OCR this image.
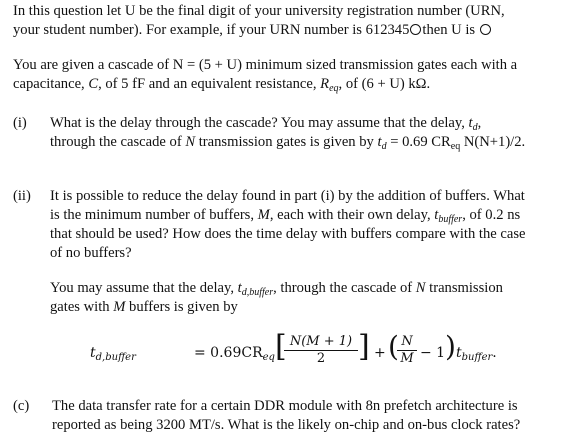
In this question let U be the final digit of your university registration number (URN,
your student number). For example, if your URN number is 612345 then U is
You are given a cascade of N = (5 + U) minimum sized transmission gates each with a
capacitance, C, of 5 fF and an equivalent resistance, $R_{eq}$, of (6 + U) kΩ.
(i) What is the delay through the cascade? You may assume that the delay, $t_d$,
through the cascade of N transmission gates is given by $t_d = 0.69$ $CR_{eq}$ N(N+1)/2.
(ii) It is possible to reduce the delay found in part (i) by the addition of buffers. What
is the minimum number of buffers, M, each with their own delay, $t_{buffer}$, of 0.2 ns
that should be used? How does the time delay with buffers compare with the case
of no buffers?
You may assume that the delay, $t_{d,buffer}$, through the cascade of N transmission
gates with M buffers is given by
$t_{d,buffer}$	= $0.69CR_{eq}$ [
$\frac{N(M + 1)}{2}$ ] + (
$\frac{N}{M} - 1$ ) $t_{buffer}$.
(c) The data transfer rate for a certain DDR module with 8n prefetch architecture is
reported as being 3200 MT/s. What is the likely on-chip and on-bus clock rates?
